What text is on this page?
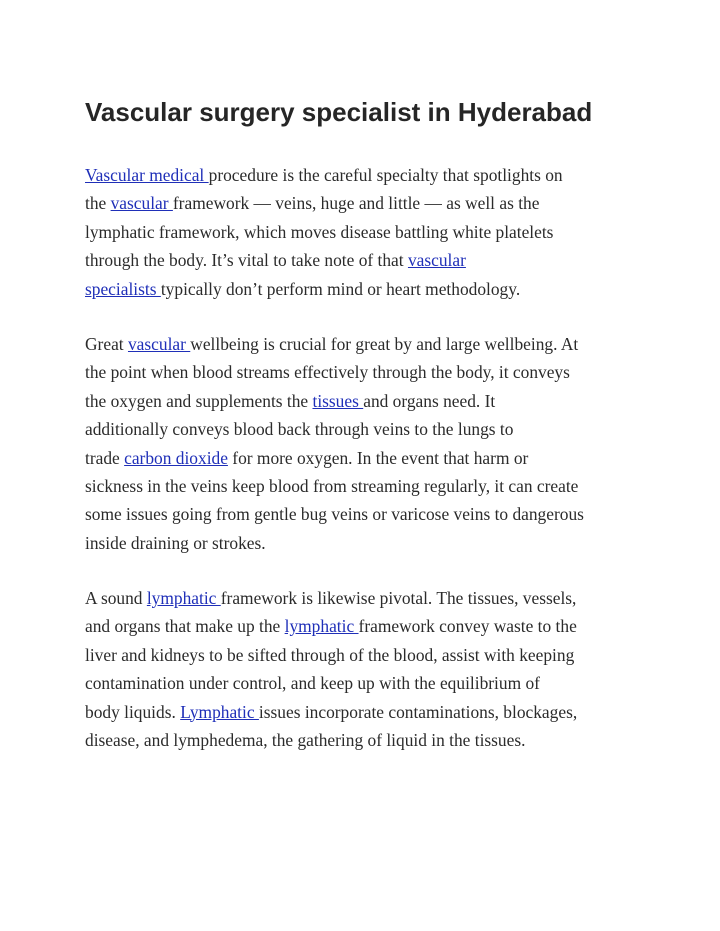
Vascular surgery specialist in Hyderabad
Vascular medical procedure is the careful specialty that spotlights on
the vascular framework — veins, huge and little — as well as the
lymphatic framework, which moves disease battling white platelets
through the body. It’s vital to take note of that vascular
specialists typically don’t perform mind or heart methodology.
Great vascular wellbeing is crucial for great by and large wellbeing. At
the point when blood streams effectively through the body, it conveys
the oxygen and supplements the tissues and organs need. It
additionally conveys blood back through veins to the lungs to
trade carbon dioxide for more oxygen. In the event that harm or
sickness in the veins keep blood from streaming regularly, it can create
some issues going from gentle bug veins or varicose veins to dangerous
inside draining or strokes.
A sound lymphatic framework is likewise pivotal. The tissues, vessels,
and organs that make up the lymphatic framework convey waste to the
liver and kidneys to be sifted through of the blood, assist with keeping
contamination under control, and keep up with the equilibrium of
body liquids. Lymphatic issues incorporate contaminations, blockages,
disease, and lymphedema, the gathering of liquid in the tissues.
